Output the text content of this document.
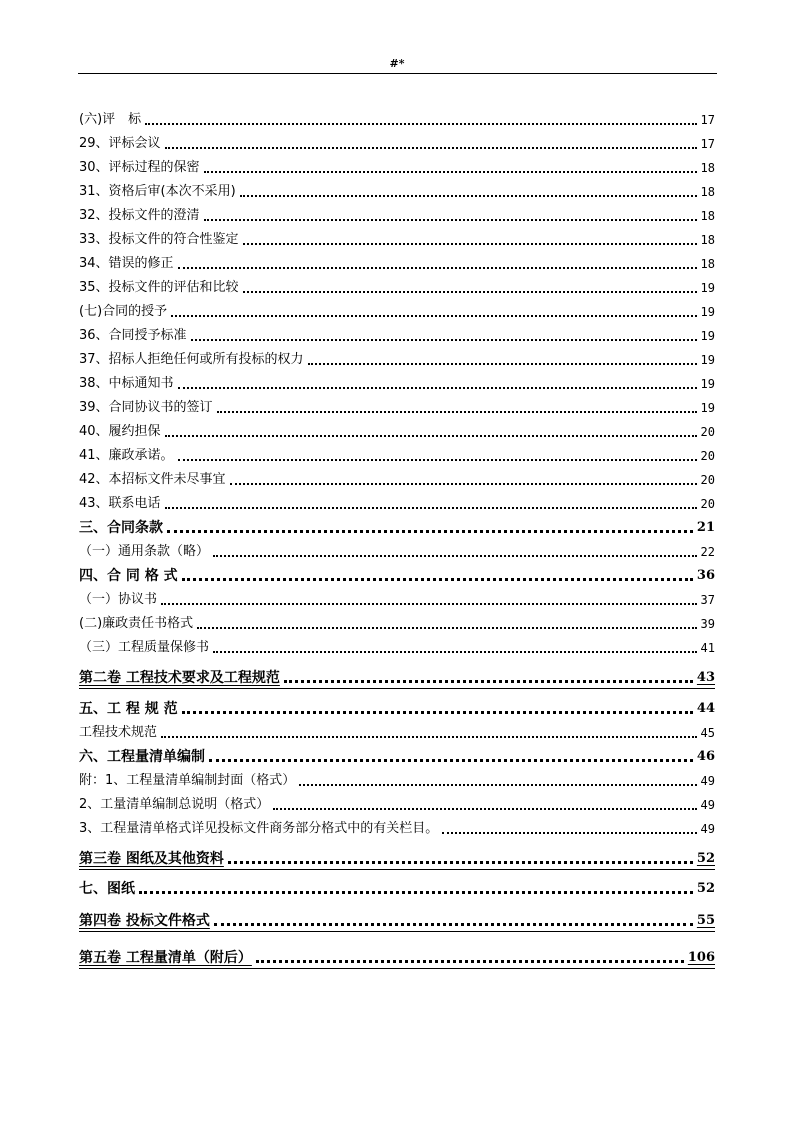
#*
(六)评　标	17
29、评标会议	17
30、评标过程的保密	18
31、资格后审(本次不采用)	18
32、投标文件的澄清	18
33、投标文件的符合性鉴定	18
34、错误的修正	18
35、投标文件的评估和比较	19
(七)合同的授予	19
36、合同授予标准	19
37、招标人拒绝任何或所有投标的权力	19
38、中标通知书	19
39、合同协议书的签订	19
40、履约担保	20
41、廉政承诺。	20
42、本招标文件未尽事宜	20
43、联系电话	20
三、合同条款	21
（一）通用条款（略）	22
四、合 同 格 式	36
（一）协议书	37
(二)廉政责任书格式	39
（三）工程质量保修书	41
第二卷 工程技术要求及工程规范	43
五、工 程 规 范	44
工程技术规范	45
六、工程量清单编制	46
附：1、工程量清单编制封面（格式）	49
2、工量清单编制总说明（格式）	49
3、工程量清单格式详见投标文件商务部分格式中的有关栏目。	49
第三卷 图纸及其他资料	52
七、图纸	52
第四卷 投标文件格式	55
第五卷 工程量清单（附后）	106
